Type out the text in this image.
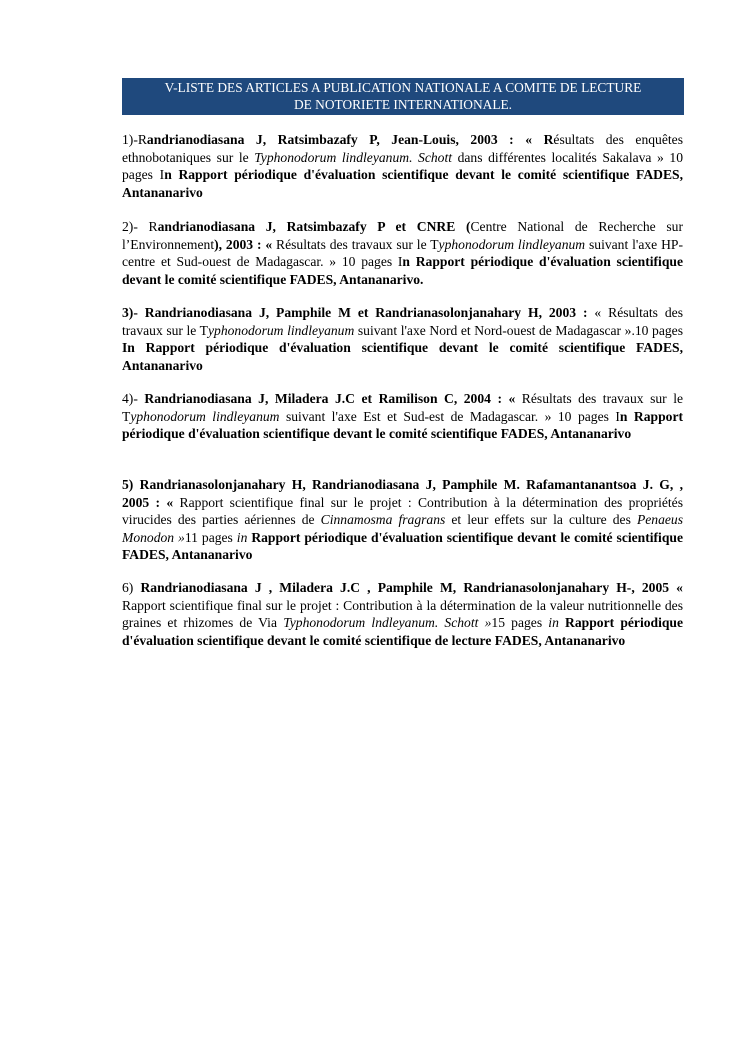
V-LISTE DES ARTICLES A PUBLICATION NATIONALE A COMITE DE LECTURE
DE NOTORIETE INTERNATIONALE.
1)-Randrianodiasana J, Ratsimbazafy P, Jean-Louis, 2003 : « Résultats des enquêtes ethnobotaniques sur le Typhonodorum lindleyanum. Schott dans différentes localités Sakalava » 10 pages In Rapport périodique d'évaluation scientifique devant le comité scientifique FADES, Antananarivo
2)- Randrianodiasana J, Ratsimbazafy P et CNRE (Centre National de Recherche sur l’Environnement), 2003 : « Résultats des travaux sur le Typhonodorum lindleyanum suivant l'axe HP-centre et Sud-ouest de Madagascar. » 10 pages In Rapport périodique d'évaluation scientifique devant le comité scientifique FADES, Antananarivo.
3)- Randrianodiasana J, Pamphile M et Randrianasolonjanahary H, 2003 : « Résultats des travaux sur le Typhonodorum lindleyanum suivant l'axe Nord et Nord-ouest de Madagascar ».10 pages In Rapport périodique d'évaluation scientifique devant le comité scientifique FADES, Antananarivo
4)- Randrianodiasana J, Miladera J.C et Ramilison C, 2004 : « Résultats des travaux sur le Typhonodorum lindleyanum suivant l'axe Est et Sud-est de Madagascar. » 10 pages In Rapport périodique d'évaluation scientifique devant le comité scientifique FADES, Antananarivo
5) Randrianasolonjanahary H, Randrianodiasana J, Pamphile M. Rafamantanantsoa J. G, , 2005 : « Rapport scientifique final sur le projet : Contribution à la détermination des propriétés virucides des parties aériennes de Cinnamosma fragrans et leur effets sur la culture des Penaeus Monodon »11 pages in Rapport périodique d'évaluation scientifique devant le comité scientifique FADES, Antananarivo
6) Randrianodiasana J , Miladera J.C , Pamphile M, Randrianasolonjanahary H-, 2005 « Rapport scientifique final sur le projet : Contribution à la détermination de la valeur nutritionnelle des graines et rhizomes de Via Typhonodorum lndleyanum. Schott »15 pages in Rapport périodique d'évaluation scientifique devant le comité scientifique de lecture FADES, Antananarivo
